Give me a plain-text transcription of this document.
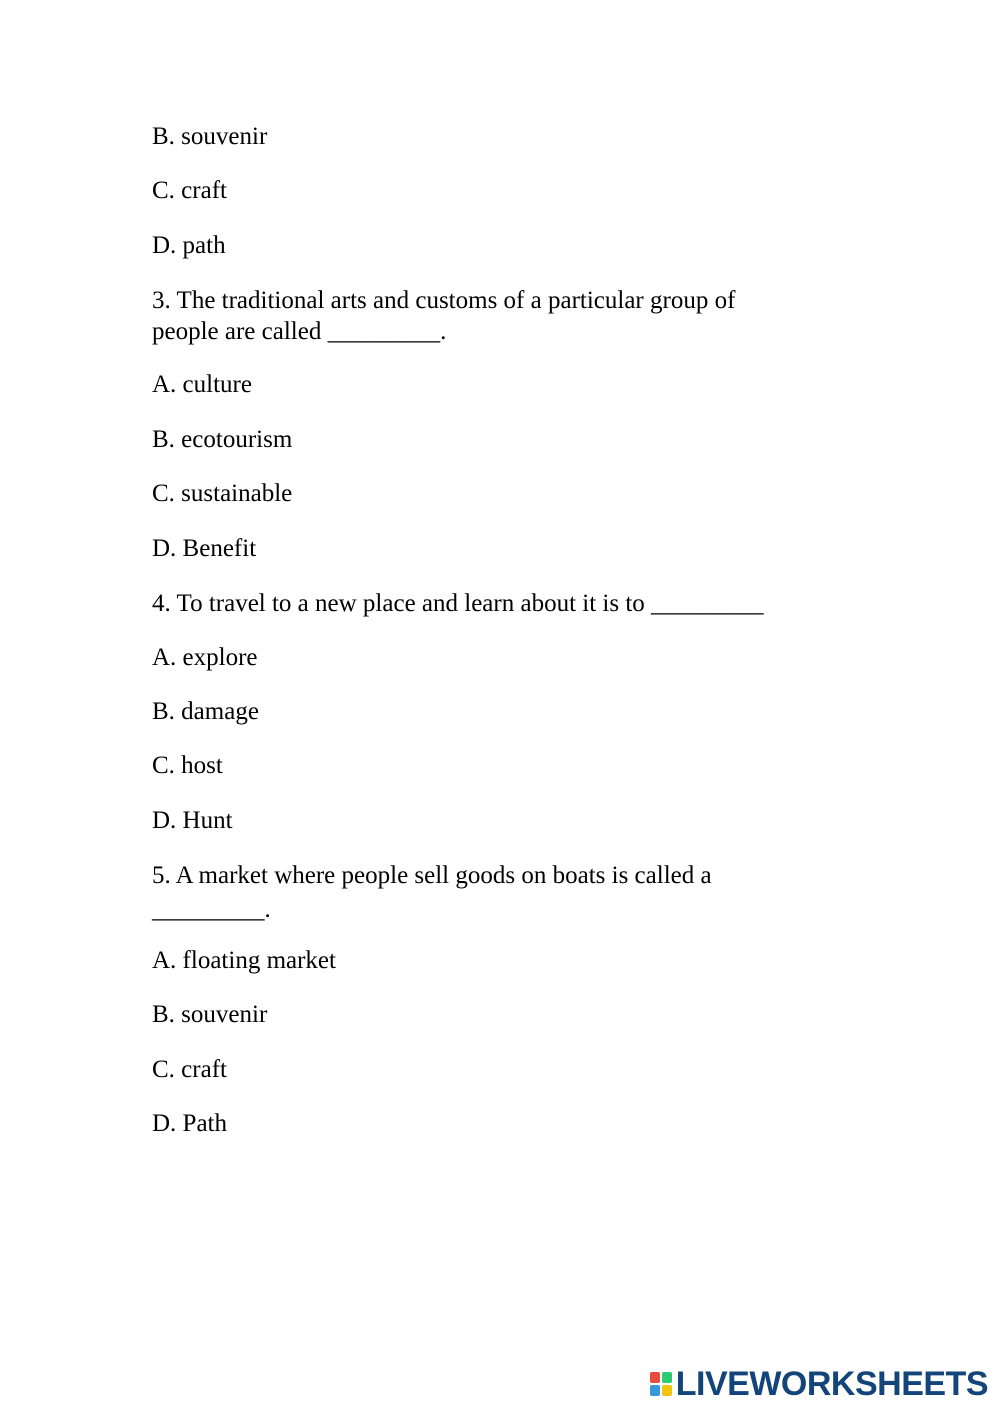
B. souvenir
C. craft
D. path
3. The traditional arts and customs of a particular group of
people are called _________.
A. culture
B. ecotourism
C. sustainable
D. Benefit
4. To travel to a new place and learn about it is to _________
A. explore
B. damage
C. host
D. Hunt
5. A market where people sell goods on boats is called a
_________.
A. floating market
B. souvenir
C. craft
D. Path
LIVEWORKSHEETS
